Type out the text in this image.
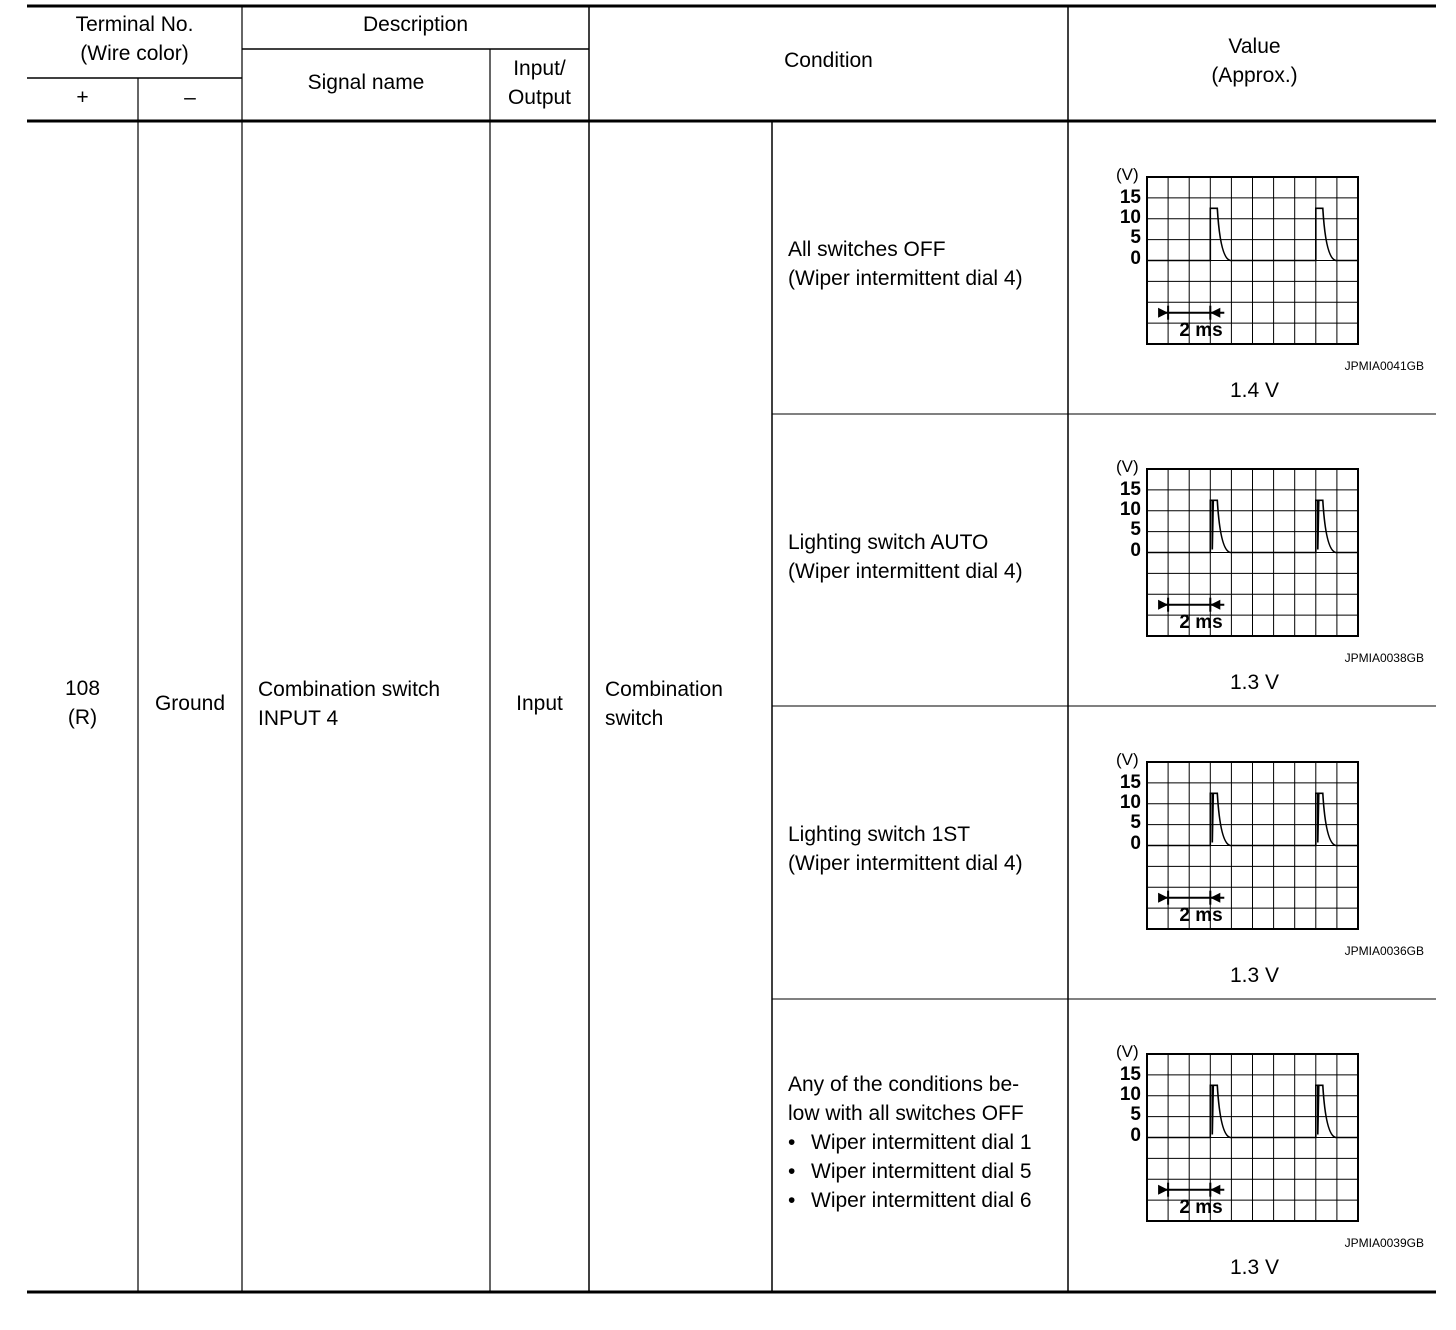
Terminal No.
(Wire color)
+	–
Description
Signal name
Input/
Output
Condition
Value
(Approx.)
108
(R)
Ground
Combination switch
INPUT 4
Input
Combination
switch
All switches OFF
(Wiper intermittent dial 4)
(V)
15
10
5
0
2 ms
JPMIA0041GB
1.4 V
Lighting switch AUTO
(Wiper intermittent dial 4)
(V)
15
10
5
0
2 ms
JPMIA0038GB
1.3 V
Lighting switch 1ST
(Wiper intermittent dial 4)
(V)
15
10
5
0
2 ms
JPMIA0036GB
1.3 V
Any of the conditions be-
low with all switches OFF
• Wiper intermittent dial 1
• Wiper intermittent dial 5
• Wiper intermittent dial 6
(V)
15
10
5
0
2 ms
JPMIA0039GB
1.3 V
